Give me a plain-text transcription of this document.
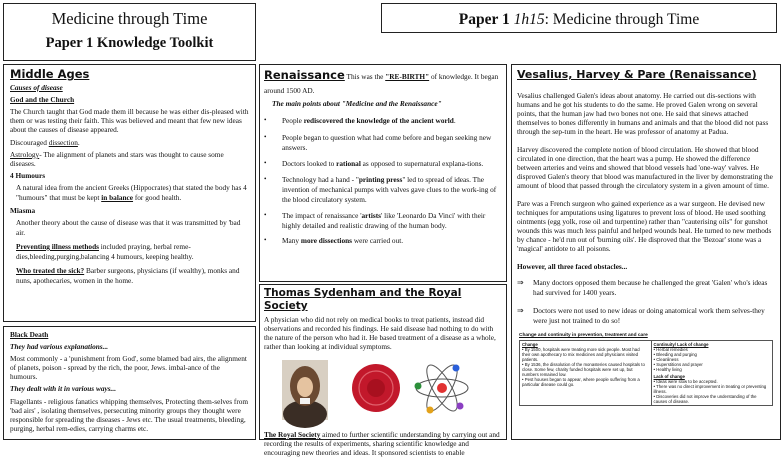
Medicine through Time
Paper 1 Knowledge Toolkit
Paper 1 1h15: Medicine through Time
Middle Ages

Causes of disease

God and the Church

The Church taught that God made them ill because he was either dis-pleased with them or was testing their faith. This was believed and meant that few new ideas about the causes of disease appeared.

Discouraged dissection.

Astrology- The alignment of planets and stars was thought to cause some diseases.

4 Humours

A natural idea from the ancient Greeks (Hippocrates) that stated the body has 4 "humours" that must be kept in balance for good health.

Miasma

Another theory about the cause of disease was that it was transmitted by 'bad air.

Preventing illness methods included praying, herbal reme-dies,bleeding,purging,balancing 4 humours, keeping healthy.

Who treated the sick? Barber surgeons, physicians (if wealthy), monks and nuns, apothecaries, women in the home.

Black Death

They had various explanations...

Most commonly - a 'punishment from God', some blamed bad airs, the alignment of planets, poison - spread by the rich, the poor, Jews. imbal-ance of the humours.

They dealt with it in various ways...

Flagellants - religious fanatics whipping themselves, Protecting them-selves from 'bad airs' , isolating themselves, persecuting minority groups they thought were responsible for spreading the diseases - Jews etc. The usual treatments, bleeding, purging, herbal rem-edies, carrying charms etc.

Renaissance This was the "RE-BIRTH" of knowledge. It began around 1500 AD.

The main points about "Medicine and the Renaissance"

•	People rediscovered the knowledge of the ancient world.
•	People began to question what had come before and began seeking new answers.
•	Doctors looked to rational as opposed to supernatural explana-tions.
•	Technology had a hand - "printing press" led to spread of ideas. The invention of mechanical pumps with valves gave clues to the work-ing of the blood circulatory system.
•	The impact of renaissance 'artists' like 'Leonardo Da Vinci' with their highly detailed and realistic drawing of the human body.
•	Many more dissections were carried out.
Thomas Sydenham and the Royal Society

A physician who did not rely on medical books to treat patients, instead did observations and recorded his findings. He said disease had nothing to do with the nature of the person who had it. He based treatment of a disease as a whole, rather than looking at individual symptoms.

The Royal Society aimed to further scientific understanding by carrying out and recording the results of experiments, sharing scientific knowledge and encouraging new theories and ideas. It sponsored scientists to enable

Vesalius, Harvey & Pare (Renaissance)

Vesalius challenged Galen's ideas about anatomy. He carried out dis-sections with humans and he got his students to do the same. He proved Galen wrong on several points, that the human jaw had two bones not one. He said that sinews attached themselves to bones differently in humans and animals and that the blood did not pass through the sep-tum in the heart. He was professor of anatomy at Padua.

Harvey discovered the complete notion of blood circulation. He showed that blood circulated in one direction, that the heart was a pump. He showed the difference between arteries and veins and showed that blood vessels had 'one-way' valves. He disproved Galen's theory that blood was manufactured in the liver by demonstrating the amount of blood that passed through the circulatory system in a given amount of time.

Pare was a French surgeon who gained experience as a war surgeon. He devised new techniques for amputations using ligatures to prevent loss of blood. He used soothing ointments (egg yolk, rose oil and turpentine) rather than "cauterising oils" for gunshot wounds this was much less painful and helped wounds heal. He turned to new methods by chance - he'd run out of 'burning oils'. He disproved that the 'Bezoar' stone was a 'magical' antidote to all poisons.

However, all three faced obstacles...

⇒	Many doctors opposed them because he challenged the great 'Galen' who's ideas had survived for 1400 years.
⇒	Doctors were not used to new ideas or doing anatomical work them selves-they were just not trained to do so!

Change and continuity in prevention, treatment and care

Change
• By 1500, hospitals were treating more sick people. Most had their own apothecary to mix medicines and physicians visited patients.
• By 1536, the dissolution of the monasteries caused hospitals to close. Some few, charity funded hospitals were set up, but numbers remained low.
• Pest houses began to appear, where people suffering from a particular disease could go.

Continuity/ Lack of change
• Herbal remedies
• Bleeding and purging
• Cleanliness
• Superstitions and prayer
• Healthy living
Lack of change
• Ideas were slow to be accepted.
• There was no direct improvement in treating or preventing illness.
• Discoveries did not improve the understanding of the causes of disease.
